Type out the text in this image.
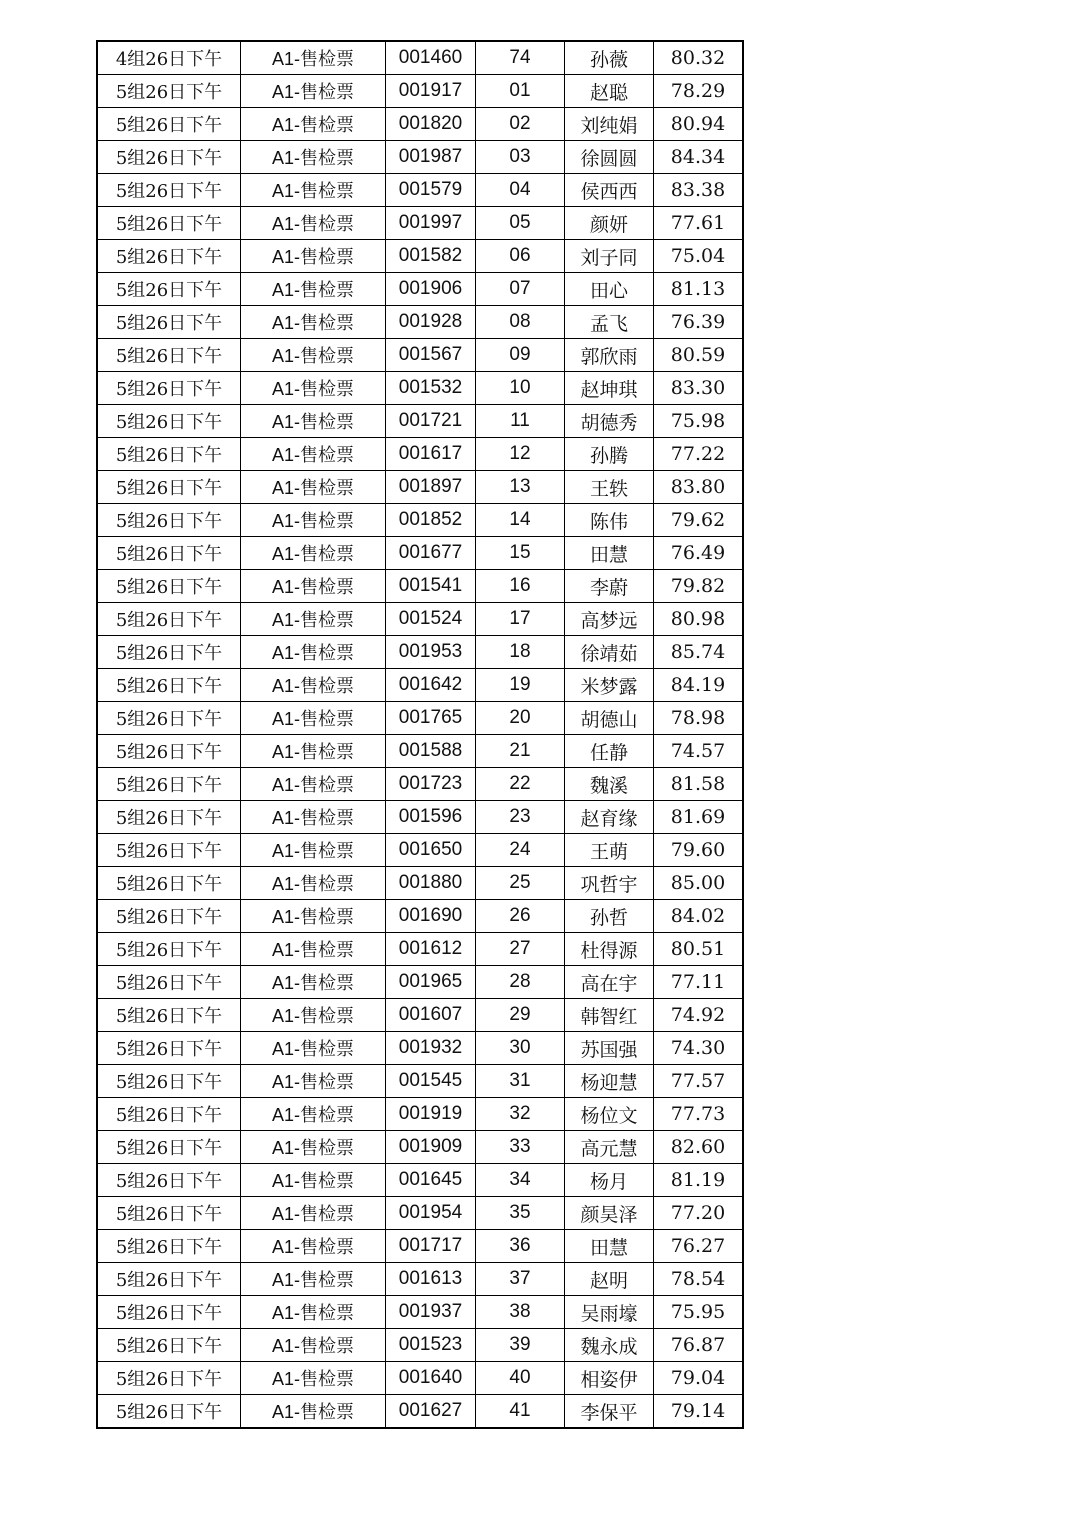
4组26日下午	A1-售检票	001460	74	孙薇	80.32
5组26日下午	A1-售检票	001917	01	赵聪	78.29
5组26日下午	A1-售检票	001820	02	刘纯娟	80.94
5组26日下午	A1-售检票	001987	03	徐圆圆	84.34
5组26日下午	A1-售检票	001579	04	侯西西	83.38
5组26日下午	A1-售检票	001997	05	颜妍	77.61
5组26日下午	A1-售检票	001582	06	刘子同	75.04
5组26日下午	A1-售检票	001906	07	田心	81.13
5组26日下午	A1-售检票	001928	08	孟飞	76.39
5组26日下午	A1-售检票	001567	09	郭欣雨	80.59
5组26日下午	A1-售检票	001532	10	赵坤琪	83.30
5组26日下午	A1-售检票	001721	11	胡德秀	75.98
5组26日下午	A1-售检票	001617	12	孙腾	77.22
5组26日下午	A1-售检票	001897	13	王轶	83.80
5组26日下午	A1-售检票	001852	14	陈伟	79.62
5组26日下午	A1-售检票	001677	15	田慧	76.49
5组26日下午	A1-售检票	001541	16	李蔚	79.82
5组26日下午	A1-售检票	001524	17	高梦远	80.98
5组26日下午	A1-售检票	001953	18	徐靖茹	85.74
5组26日下午	A1-售检票	001642	19	米梦露	84.19
5组26日下午	A1-售检票	001765	20	胡德山	78.98
5组26日下午	A1-售检票	001588	21	任静	74.57
5组26日下午	A1-售检票	001723	22	魏溪	81.58
5组26日下午	A1-售检票	001596	23	赵育缘	81.69
5组26日下午	A1-售检票	001650	24	王萌	79.60
5组26日下午	A1-售检票	001880	25	巩哲宇	85.00
5组26日下午	A1-售检票	001690	26	孙哲	84.02
5组26日下午	A1-售检票	001612	27	杜得源	80.51
5组26日下午	A1-售检票	001965	28	高在宇	77.11
5组26日下午	A1-售检票	001607	29	韩智红	74.92
5组26日下午	A1-售检票	001932	30	苏国强	74.30
5组26日下午	A1-售检票	001545	31	杨迎慧	77.57
5组26日下午	A1-售检票	001919	32	杨位文	77.73
5组26日下午	A1-售检票	001909	33	高元慧	82.60
5组26日下午	A1-售检票	001645	34	杨月	81.19
5组26日下午	A1-售检票	001954	35	颜昊泽	77.20
5组26日下午	A1-售检票	001717	36	田慧	76.27
5组26日下午	A1-售检票	001613	37	赵明	78.54
5组26日下午	A1-售检票	001937	38	吴雨壕	75.95
5组26日下午	A1-售检票	001523	39	魏永成	76.87
5组26日下午	A1-售检票	001640	40	相姿伊	79.04
5组26日下午	A1-售检票	001627	41	李保平	79.14
